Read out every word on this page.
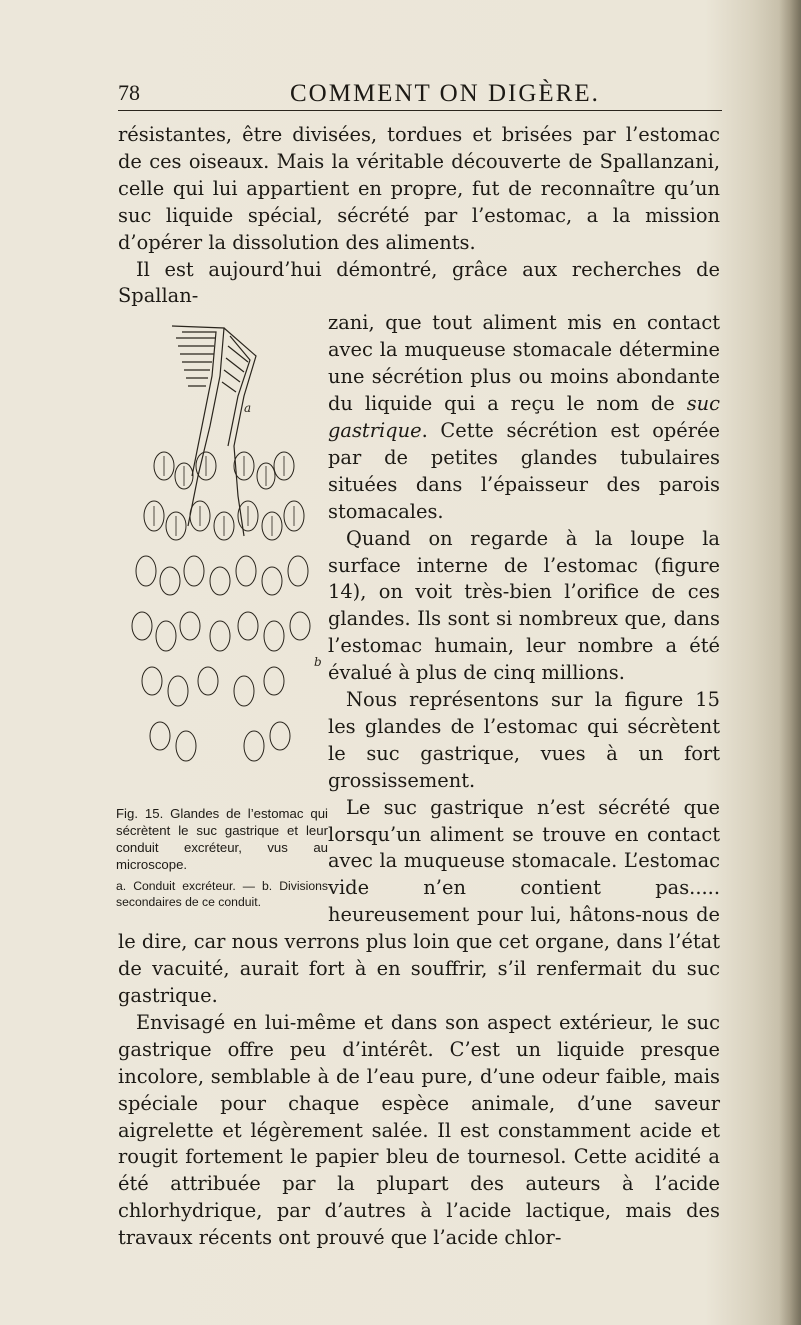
78	COMMENT ON DIGÈRE.

résistantes, être divisées, tordues et brisées par l’estomac de ces oiseaux. Mais la véritable découverte de Spallanzani, celle qui lui appartient en propre, fut de reconnaître qu’un suc liquide spécial, sécrété par l’estomac, a la mission d’opérer la dissolution des aliments.

Il est aujourd’hui démontré, grâce aux recherches de Spallan-

a
b
Fig. 15. Glandes de l’estomac qui sécrètent le suc gastrique et leur conduit excréteur, vus au microscope.
a. Conduit excréteur. — b. Divisions secondaires de ce conduit.

zani, que tout aliment mis en contact avec la muqueuse stomacale détermine une sécrétion plus ou moins abondante du liquide qui a reçu le nom de suc gastrique. Cette sécrétion est opérée par de petites glandes tubulaires situées dans l’épaisseur des parois stomacales.

Quand on regarde à la loupe la surface interne de l’estomac (figure 14), on voit très-bien l’orifice de ces glandes. Ils sont si nombreux que, dans l’estomac humain, leur nombre a été évalué à plus de cinq millions.

Nous représentons sur la figure 15 les glandes de l’estomac qui sécrètent le suc gastrique, vues à un fort grossissement.

Le suc gastrique n’est sécrété que lorsqu’un aliment se trouve en contact avec la muqueuse stomacale. L’estomac vide n’en contient pas..... heureusement pour lui, hâtons-nous de le dire, car nous verrons plus loin que cet organe, dans l’état de vacuité, aurait fort à en souffrir, s’il renfermait du suc gastrique.

Envisagé en lui-même et dans son aspect extérieur, le suc gastrique offre peu d’intérêt. C’est un liquide presque incolore, semblable à de l’eau pure, d’une odeur faible, mais spéciale pour chaque espèce animale, d’une saveur aigrelette et légèrement salée. Il est constamment acide et rougit fortement le papier bleu de tournesol. Cette acidité a été attribuée par la plupart des auteurs à l’acide chlorhydrique, par d’autres à l’acide lactique, mais des travaux récents ont prouvé que l’acide chlor-
